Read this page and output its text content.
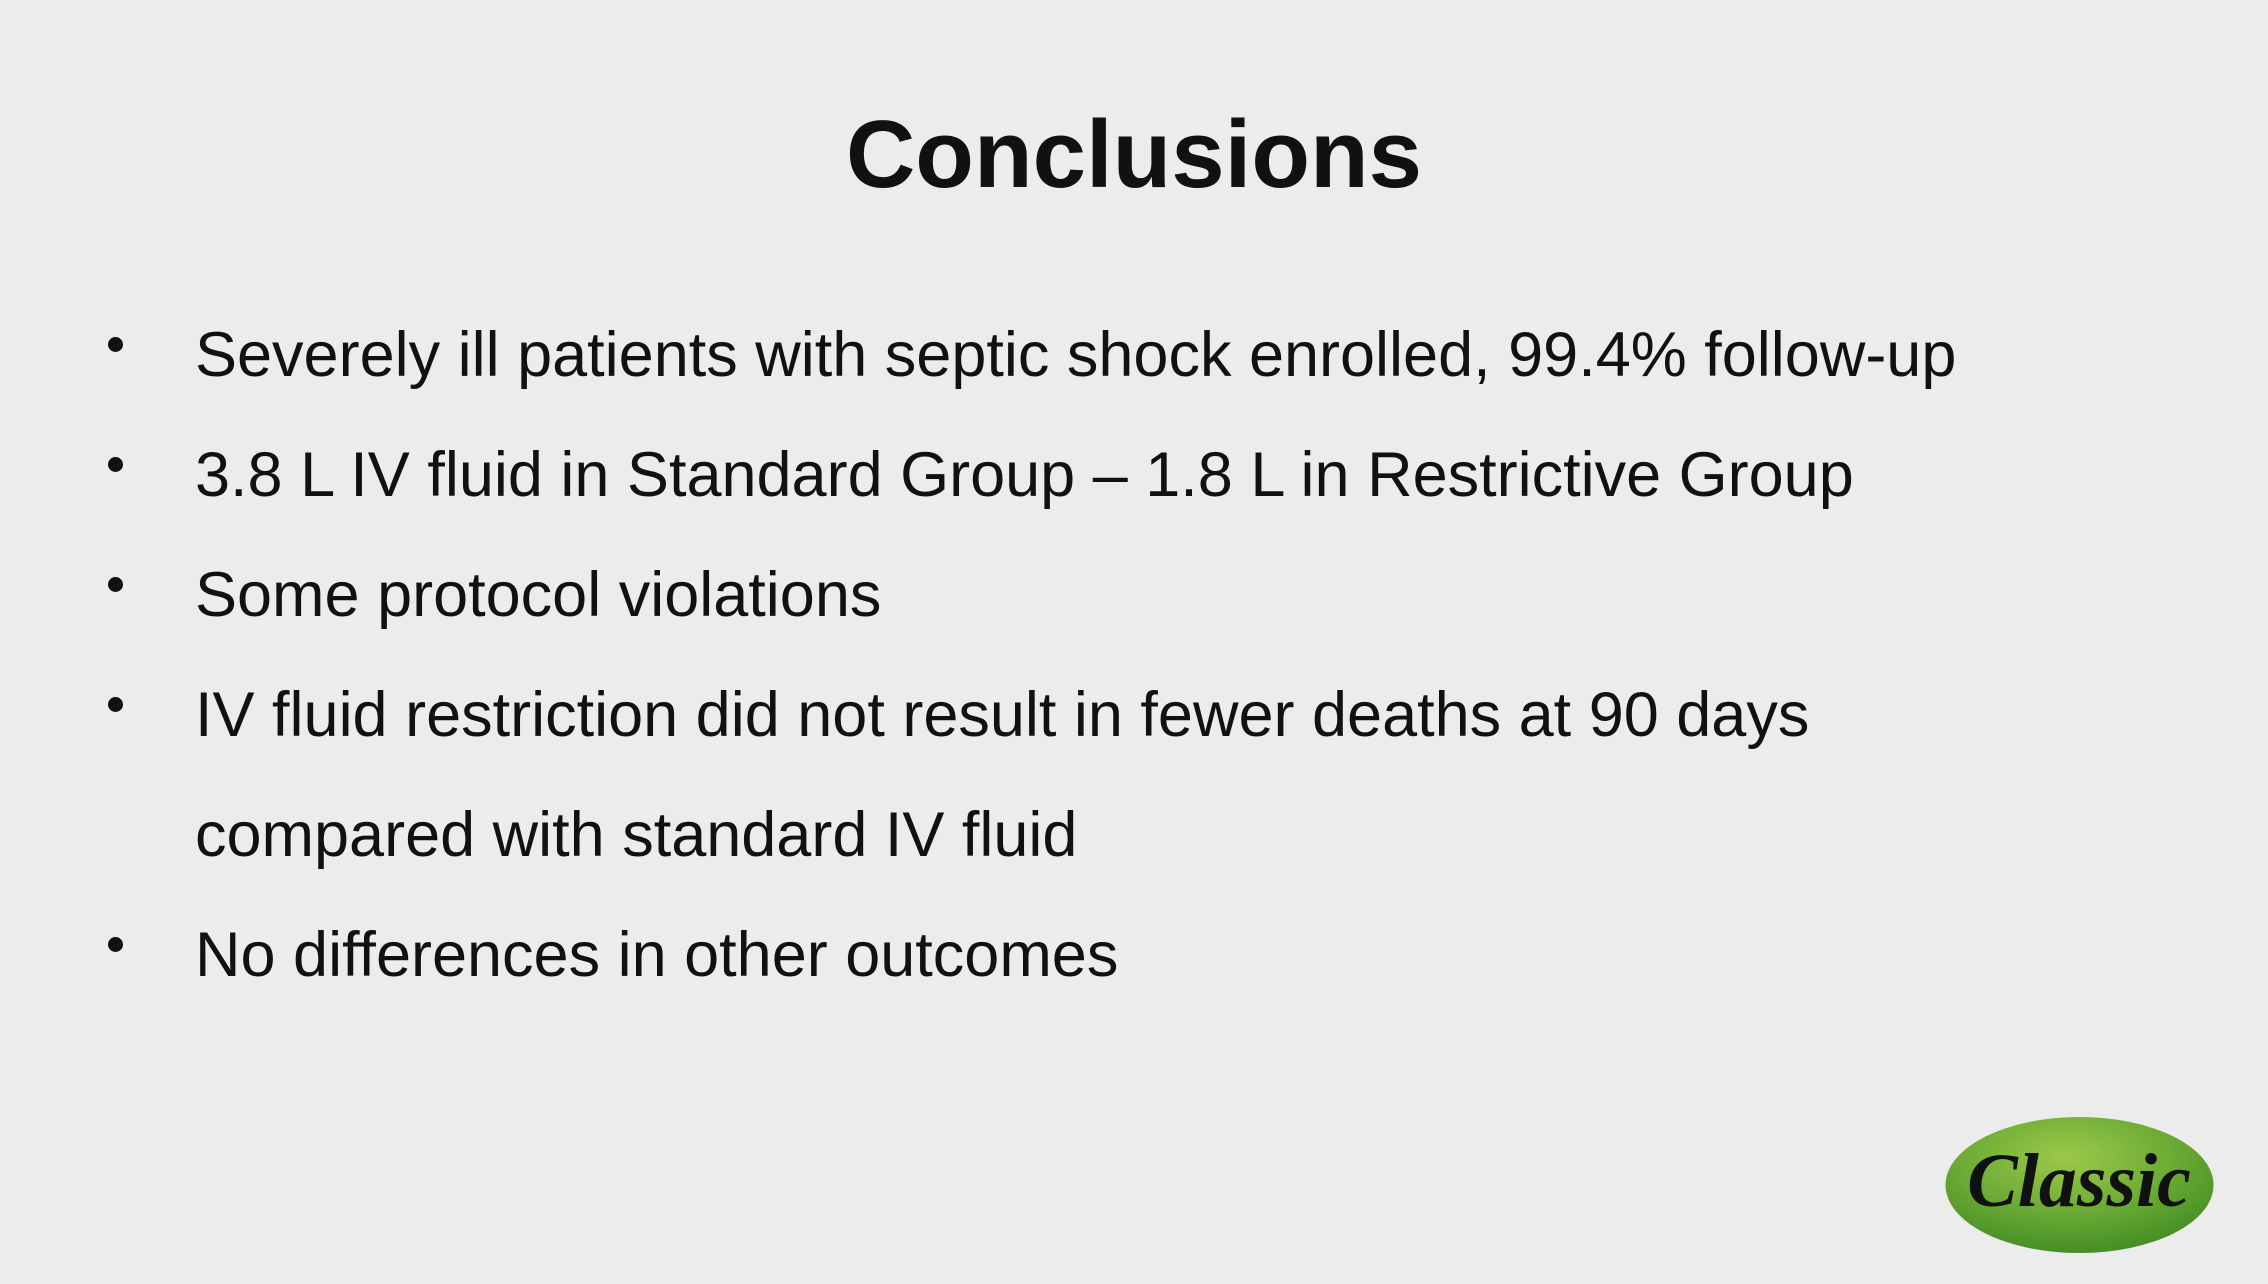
Conclusions
Severely ill patients with septic shock enrolled, 99.4% follow-up
3.8 L IV fluid in Standard Group – 1.8 L in Restrictive Group
Some protocol violations
IV fluid restriction did not result in fewer deaths at 90 days compared with standard IV fluid
No differences in other outcomes
Classic
